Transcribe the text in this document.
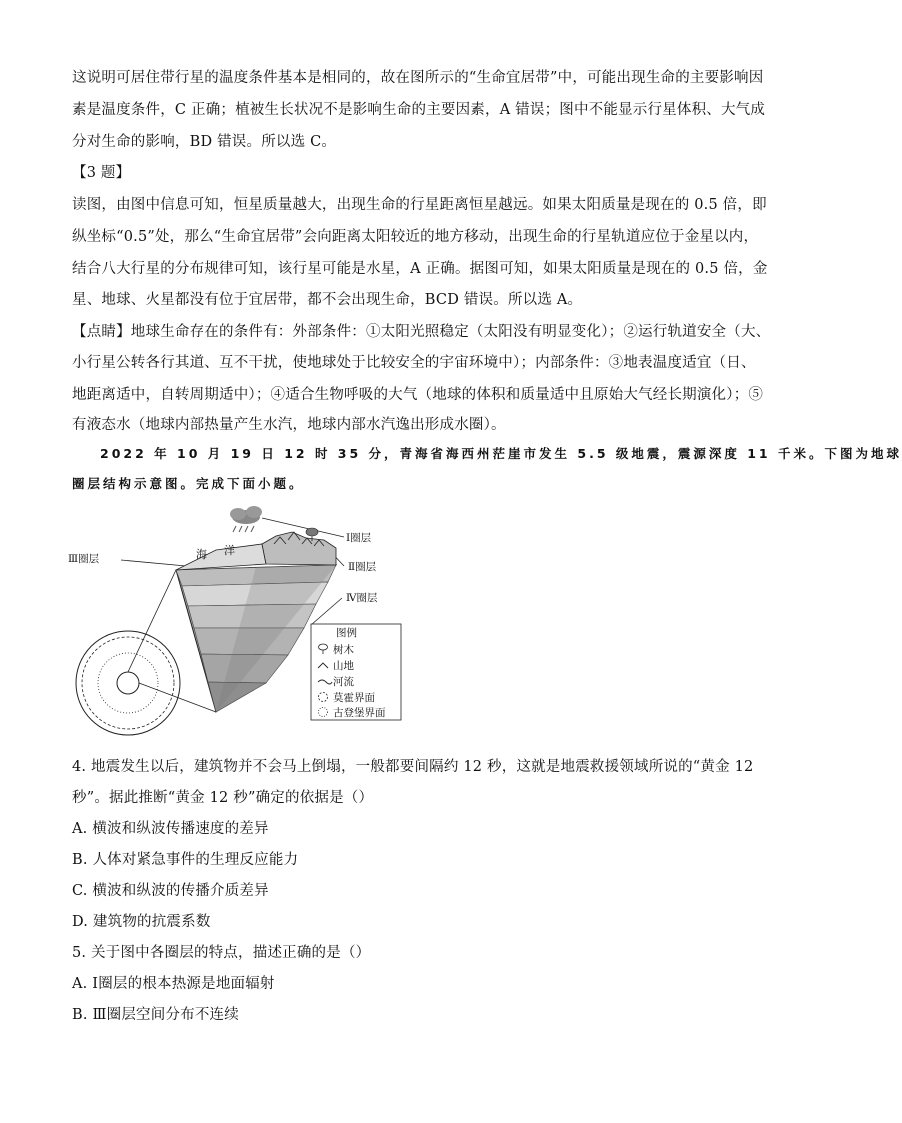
这说明可居住带行星的温度条件基本是相同的，故在图所示的“生命宜居带”中，可能出现生命的主要影响因
素是温度条件，C 正确；植被生长状况不是影响生命的主要因素，A 错误；图中不能显示行星体积、大气成
分对生命的影响，BD 错误。所以选 C。
【3 题】
读图，由图中信息可知，恒星质量越大，出现生命的行星距离恒星越远。如果太阳质量是现在的 0.5 倍，即
纵坐标“0.5”处，那么“生命宜居带”会向距离太阳较近的地方移动，出现生命的行星轨道应位于金星以内，
结合八大行星的分布规律可知，该行星可能是水星，A 正确。据图可知，如果太阳质量是现在的 0.5 倍，金
星、地球、火星都没有位于宜居带，都不会出现生命，BCD 错误。所以选 A。
【点睛】地球生命存在的条件有：外部条件：①太阳光照稳定（太阳没有明显变化）；②运行轨道安全（大、
小行星公转各行其道、互不干扰，使地球处于比较安全的宇宙环境中）；内部条件：③地表温度适宜（日、
地距离适中，自转周期适中）；④适合生物呼吸的大气（地球的体积和质量适中且原始大气经长期演化）；⑤
有液态水（地球内部热量产生水汽，地球内部水汽逸出形成水圈）。
2022 年 10 月 19 日 12 时 35 分，青海省海西州茫崖市发生 5.5 级地震，震源深度 11 千米。下图为地球
圈层结构示意图。完成下面小题。
海 洋
Ⅰ圈层
Ⅱ圈层
Ⅲ圈层
Ⅳ圈层
图例
树木
山地
河流
莫霍界面
古登堡界面
4. 地震发生以后，建筑物并不会马上倒塌，一般都要间隔约 12 秒，这就是地震救援领域所说的“黄金 12
秒”。据此推断“黄金 12 秒”确定的依据是（）
A. 横波和纵波传播速度的差异
B. 人体对紧急事件的生理反应能力
C. 横波和纵波的传播介质差异
D. 建筑物的抗震系数
5. 关于图中各圈层的特点，描述正确的是（）
A. Ⅰ圈层的根本热源是地面辐射
B. Ⅲ圈层空间分布不连续
